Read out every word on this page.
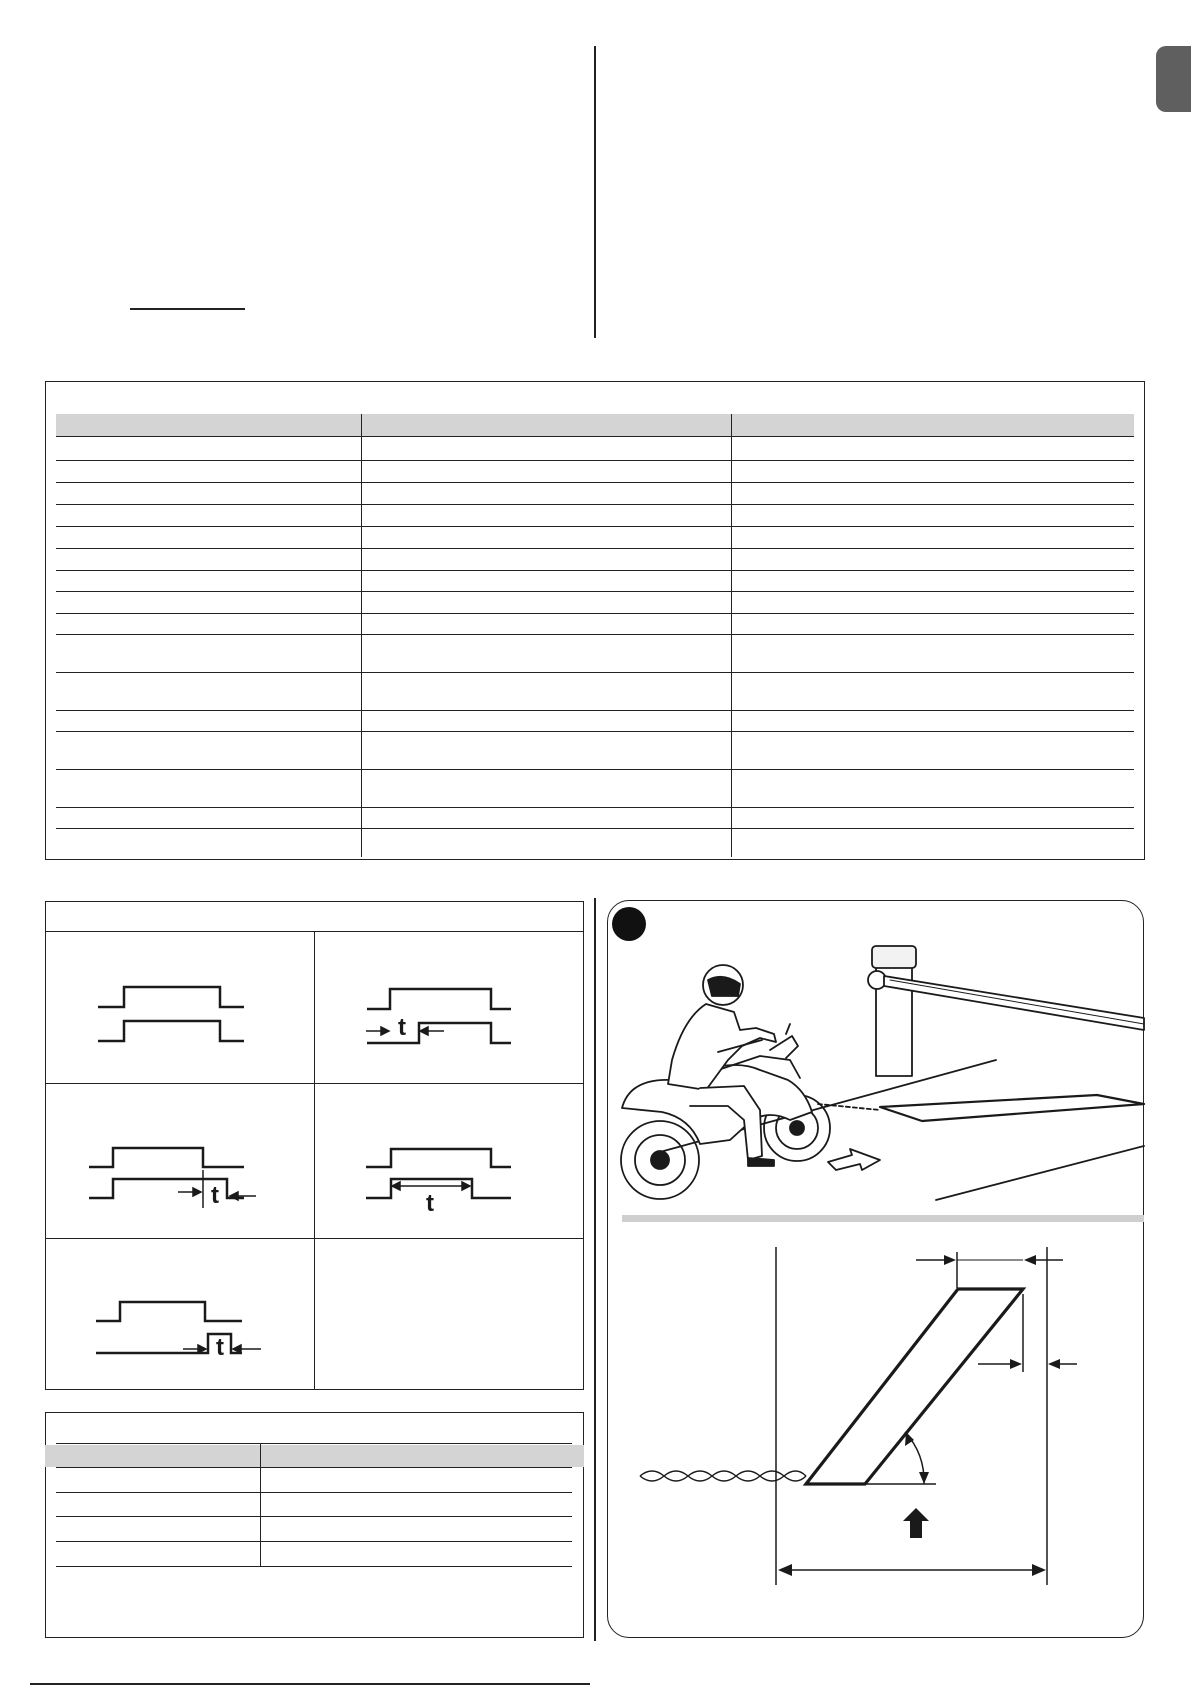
t
t	t
t
